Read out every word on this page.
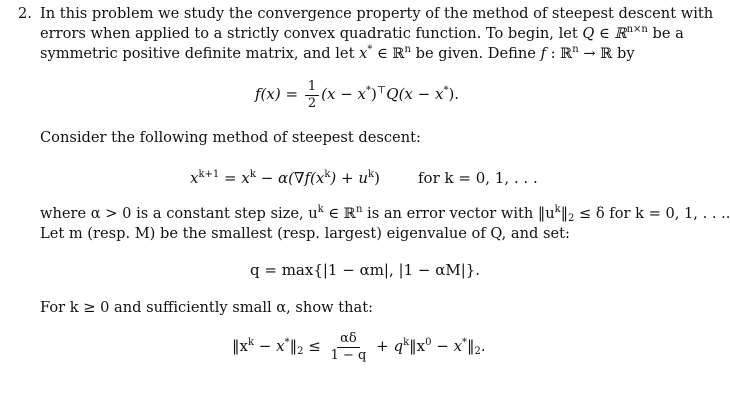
2. In this problem we study the convergence property of the method of steepest descent with
errors when applied to a strictly convex quadratic function. To begin, let Q ∈ ℝ$^{n\times n}$ be a
symmetric positive definite matrix, and let x* ∈ ℝ$^n$ be given. Define f : ℝ$^n$ → ℝ by
$f(x) = \frac{1}{2} (x - x^*)^⊤Q(x - x^*)$.
Consider the following method of steepest descent:
$x^{k+1} = x^k - \alpha(\nabla f(x^k) + u^k)$	for k = 0, 1, . . .
where α > 0 is a constant step size, $u^k$ ∈ ℝ$^n$ is an error vector with $‖u^k‖_2 \le \delta$ for k = 0, 1, . . ..
Let m (resp. M) be the smallest (resp. largest) eigenvalue of Q, and set:
q = max{|1 − αm|, |1 − αM|}.
For k ≥ 0 and sufficiently small α, show that:
$‖x^k$ − $x^*‖_2 \le \frac{\alpha\delta}{1 - q}$ + $q^k‖x^0$ − $x^*‖_2$.
